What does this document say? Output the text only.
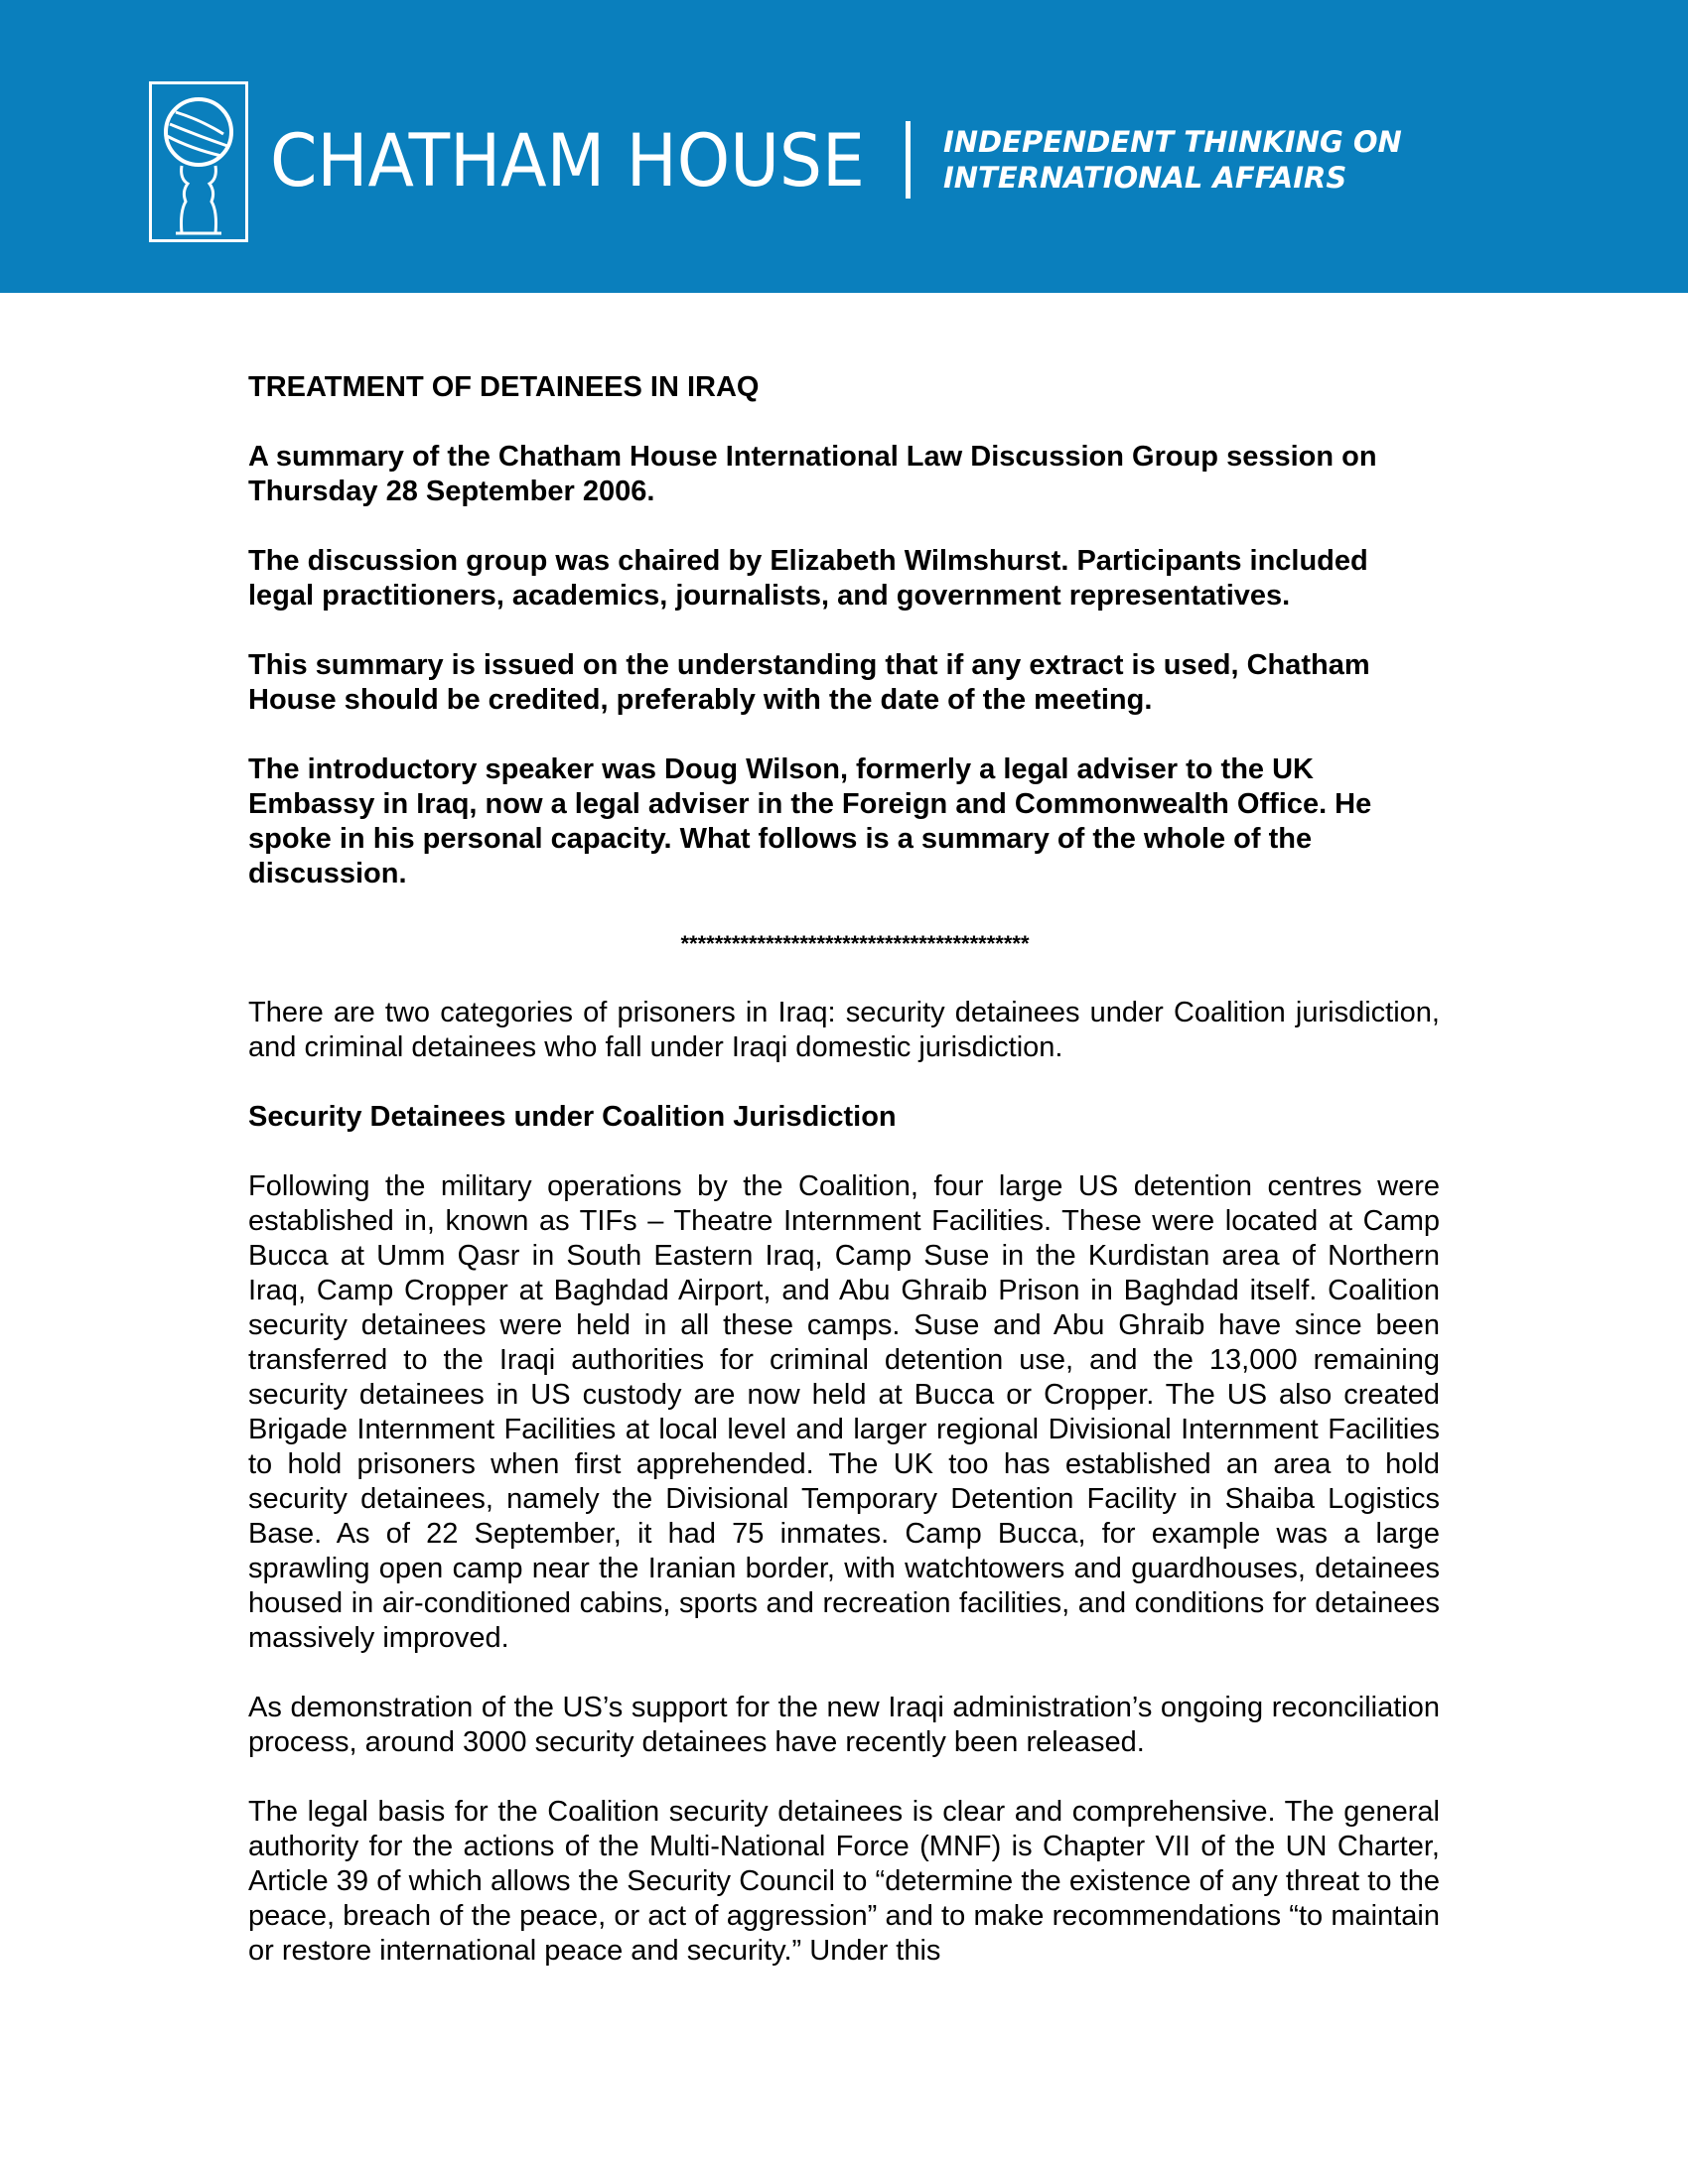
CHATHAM HOUSE	INDEPENDENT THINKING ON
INTERNATIONAL AFFAIRS

TREATMENT OF DETAINEES IN IRAQ

A summary of the Chatham House International Law Discussion Group session on Thursday 28 September 2006.

The discussion group was chaired by Elizabeth Wilmshurst. Participants included legal practitioners, academics, journalists, and government representatives.

This summary is issued on the understanding that if any extract is used, Chatham House should be credited, preferably with the date of the meeting.

The introductory speaker was Doug Wilson, formerly a legal adviser to the UK Embassy in Iraq, now a legal adviser in the Foreign and Commonwealth Office. He spoke in his personal capacity. What follows is a summary of the whole of the discussion.

*****************************************

There are two categories of prisoners in Iraq: security detainees under Coalition jurisdiction, and criminal detainees who fall under Iraqi domestic jurisdiction.

Security Detainees under Coalition Jurisdiction

Following the military operations by the Coalition, four large US detention centres were established in, known as TIFs – Theatre Internment Facilities. These were located at Camp Bucca at Umm Qasr in South Eastern Iraq, Camp Suse in the Kurdistan area of Northern Iraq, Camp Cropper at Baghdad Airport, and Abu Ghraib Prison in Baghdad itself. Coalition security detainees were held in all these camps. Suse and Abu Ghraib have since been transferred to the Iraqi authorities for criminal detention use, and the 13,000 remaining security detainees in US custody are now held at Bucca or Cropper. The US also created Brigade Internment Facilities at local level and larger regional Divisional Internment Facilities to hold prisoners when first apprehended. The UK too has established an area to hold security detainees, namely the Divisional Temporary Detention Facility in Shaiba Logistics Base. As of 22 September, it had 75 inmates. Camp Bucca, for example was a large sprawling open camp near the Iranian border, with watchtowers and guardhouses, detainees housed in air-conditioned cabins, sports and recreation facilities, and conditions for detainees massively improved.

As demonstration of the US’s support for the new Iraqi administration’s ongoing reconciliation process, around 3000 security detainees have recently been released.

The legal basis for the Coalition security detainees is clear and comprehensive. The general authority for the actions of the Multi-National Force (MNF) is Chapter VII of the UN Charter, Article 39 of which allows the Security Council to “determine the existence of any threat to the peace, breach of the peace, or act of aggression” and to make recommendations “to maintain or restore international peace and security.” Under this
